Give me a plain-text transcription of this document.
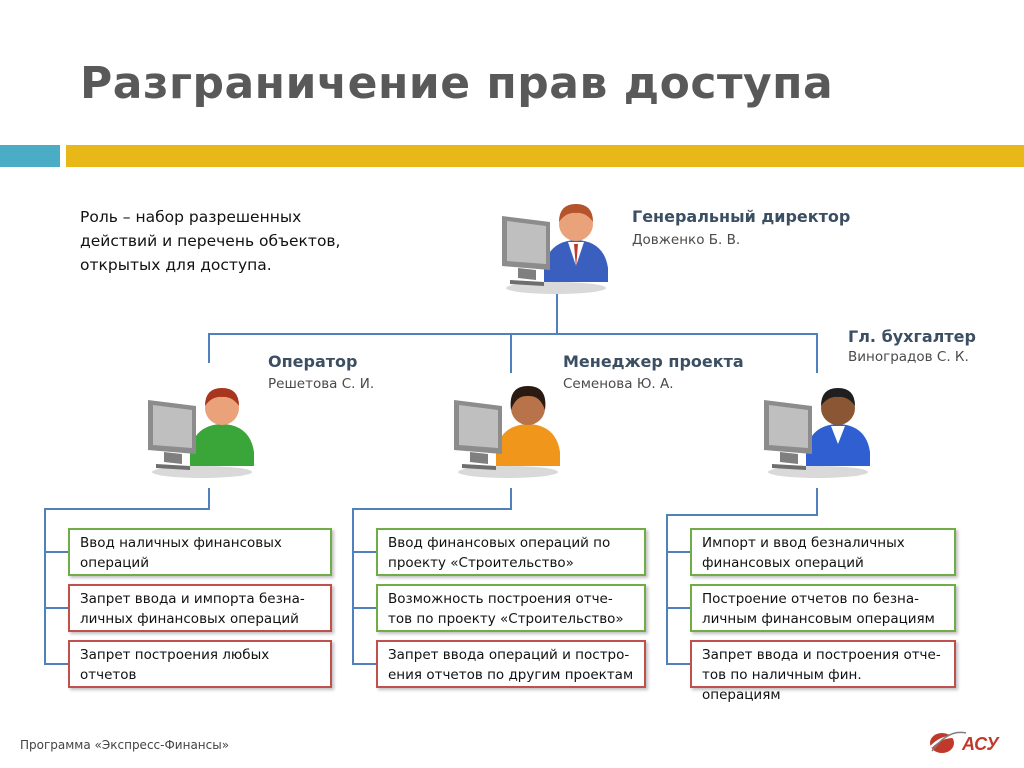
Разграничение прав доступа
Роль – набор разрешенных действий и перечень объектов, открытых для доступа.
Генеральный директор
Довженко Б. В.
Оператор
Решетова С. И.
Менеджер проекта
Семенова Ю. А.
Гл. бухгалтер
Виноградов С. К.
Ввод наличных финансовых операций
Запрет ввода и импорта безна-личных финансовых операций
Запрет построения любых отчетов
Ввод финансовых операций по проекту «Строительство»
Возможность построения отче-тов по проекту «Строительство»
Запрет ввода операций и постро-ения отчетов по другим проектам
Импорт и ввод безналичных финансовых операций
Построение отчетов по безна-личным финансовым операциям
Запрет ввода и построения отче-тов по наличным фин. операциям
Программа «Экспресс-Финансы»	АСУ
